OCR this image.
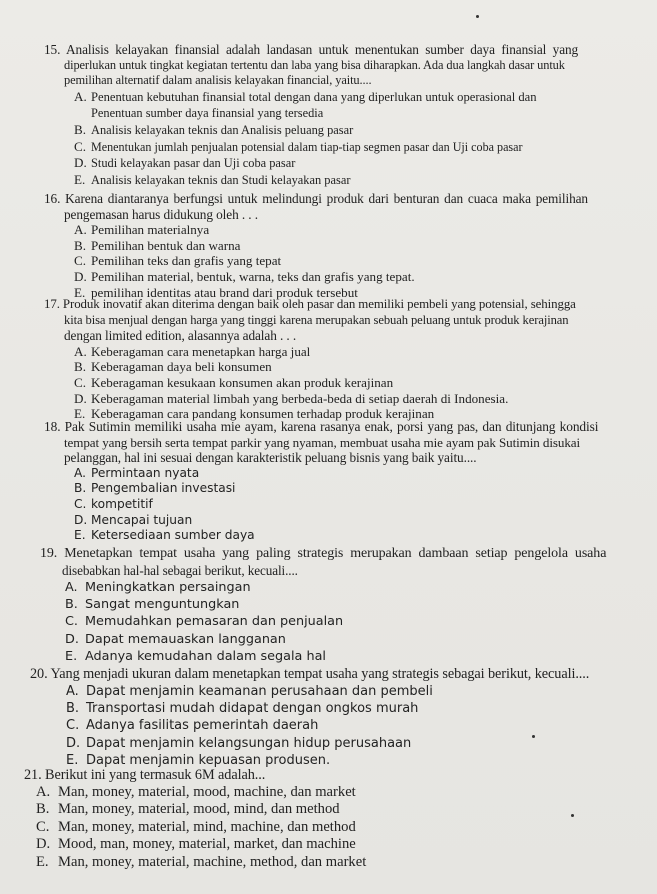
15. Analisis kelayakan finansial adalah landasan untuk menentukan sumber daya finansial yang
diperlukan untuk tingkat kegiatan tertentu dan laba yang bisa diharapkan. Ada dua langkah dasar untuk
pemilihan alternatif dalam analisis kelayakan financial, yaitu....
A. Penentuan kebutuhan finansial total dengan dana yang diperlukan untuk operasional dan
Penentuan sumber daya finansial yang tersedia
B. Analisis kelayakan teknis dan Analisis peluang pasar
C. Menentukan jumlah penjualan potensial dalam tiap-tiap segmen pasar dan Uji coba pasar
D. Studi kelayakan pasar dan Uji coba pasar
E. Analisis kelayakan teknis dan Studi kelayakan pasar
16. Karena diantaranya berfungsi untuk melindungi produk dari benturan dan cuaca maka pemilihan
pengemasan harus didukung oleh . . .
A. Pemilihan materialnya
B. Pemilihan bentuk dan warna
C. Pemilihan teks dan grafis yang tepat
D. Pemilihan material, bentuk, warna, teks dan grafis yang tepat.
E. pemilihan identitas atau brand dari produk tersebut
17. Produk inovatif akan diterima dengan baik oleh pasar dan memiliki pembeli yang potensial, sehingga
kita bisa menjual dengan harga yang tinggi karena merupakan sebuah peluang untuk produk kerajinan
dengan limited edition, alasannya adalah . . .
A. Keberagaman cara menetapkan harga jual
B. Keberagaman daya beli konsumen
C. Keberagaman kesukaan konsumen akan produk kerajinan
D. Keberagaman material limbah yang berbeda-beda di setiap daerah di Indonesia.
E. Keberagaman cara pandang konsumen terhadap produk kerajinan
18. Pak Sutimin memiliki usaha mie ayam, karena rasanya enak, porsi yang pas, dan ditunjang kondisi
tempat yang bersih serta tempat parkir yang nyaman, membuat usaha mie ayam pak Sutimin disukai
pelanggan, hal ini sesuai dengan karakteristik peluang bisnis yang baik yaitu....
A. Permintaan nyata
B. Pengembalian investasi
C. kompetitif
D. Mencapai tujuan
E. Ketersediaan sumber daya
19. Menetapkan tempat usaha yang paling strategis merupakan dambaan setiap pengelola usaha
disebabkan hal-hal sebagai berikut, kecuali....
A. Meningkatkan persaingan
B. Sangat menguntungkan
C. Memudahkan pemasaran dan penjualan
D. Dapat memauaskan langganan
E. Adanya kemudahan dalam segala hal
20. Yang menjadi ukuran dalam menetapkan tempat usaha yang strategis sebagai berikut, kecuali....
A. Dapat menjamin keamanan perusahaan dan pembeli
B. Transportasi mudah didapat dengan ongkos murah
C. Adanya fasilitas pemerintah daerah
D. Dapat menjamin kelangsungan hidup perusahaan
E. Dapat menjamin kepuasan produsen.
21. Berikut ini yang termasuk 6M adalah...
A. Man, money, material, mood, machine, dan market
B. Man, money, material, mood, mind, dan method
C. Man, money, material, mind, machine, dan method
D. Mood, man, money, material, market, dan machine
E. Man, money, material, machine, method, dan market
